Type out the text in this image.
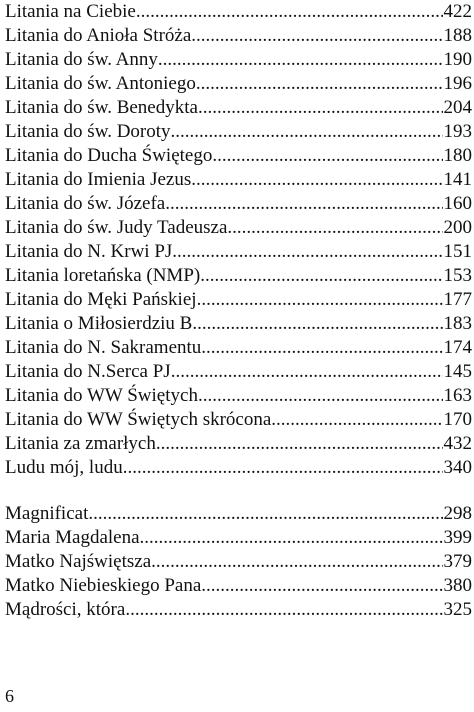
Litania na Ciebie .....	422
Litania do Anioła Stróża .....	188
Litania do św. Anny .....	190
Litania do św. Antoniego .....	196
Litania do św. Benedykta .....	204
Litania do św. Doroty .....	193
Litania do Ducha Świętego .....	180
Litania do Imienia Jezus .....	141
Litania do św. Józefa .....	160
Litania do św. Judy Tadeusza .....	200
Litania do N. Krwi PJ .....	151
Litania loretańska (NMP) .....	153
Litania do Męki Pańskiej .....	177
Litania o Miłosierdziu B. .....	183
Litania do N. Sakramentu .....	174
Litania do N.Serca PJ .....	145
Litania do WW Świętych .....	163
Litania do WW Świętych skrócona .....	170
Litania za zmarłych .....	432
Ludu mój, ludu .....	340
Magnificat .....	298
Maria Magdalena .....	399
Matko Najświętsza .....	379
Matko Niebieskiego Pana .....	380
Mądrości, która .....	325
6
